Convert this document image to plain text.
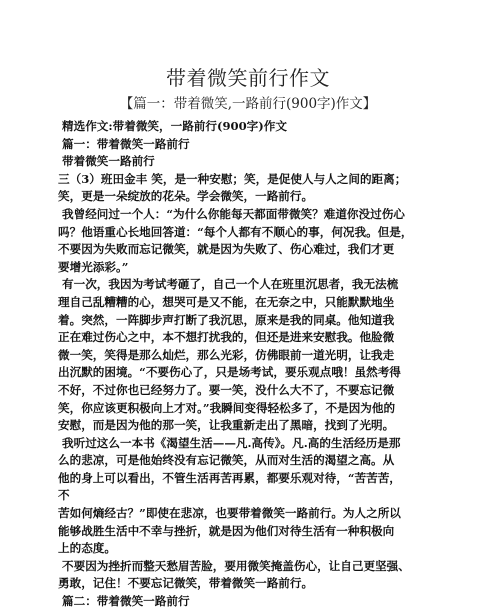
带着微笑前行作文
【篇一：带着微笑,一路前行(900字)作文】
精选作文:带着微笑，一路前行(900字)作文
篇一：带着微笑一路前行
带着微笑一路前行
三（3）班田金丰 笑，是一种安慰；笑，是促使人与人之间的距离；
笑，更是一朵绽放的花朵。学会微笑，一路前行。
我曾经问过一个人：“为什么你能每天都面带微笑？难道你没过伤心
吗？他语重心长地回答道：“每个人都有不顺心的事，何况我。但是，
不要因为失败而忘记微笑，就是因为失败了、伤心难过，我们才更
要增光添彩。”
有一次，我因为考试考砸了，自己一个人在班里沉思者，我无法梳
理自己乱糟糟的心，想哭可是又不能，在无奈之中，只能默默地坐
着。突然，一阵脚步声打断了我沉思，原来是我的同桌。他知道我
正在难过伤心之中，本不想打扰我的，但还是进来安慰我。他脸微
微一笑，笑得是那么灿烂，那么光彩，仿佛眼前一道光明，让我走
出沉默的困境。“不要伤心了，只是场考试，要乐观点哦！虽然考得
不好，不过你也已经努力了。要一笑，没什么大不了，不要忘记微
笑，你应该更积极向上才对。”我瞬间变得轻松多了，不是因为他的
安慰，而是因为他的那一笑，让我重新走出了黑暗，找到了光明。
我听过这么一本书《渴望生活——凡.高传》。凡.高的生活经历是那
么的悲凉，可是他始终没有忘记微笑，从而对生活的渴望之高。从
他的身上可以看出，不管生活再苦再累，都要乐观对待，“苦苦苦，
不
苦如何熵经古？”即使在悲凉，也要带着微笑一路前行。为人之所以
能够战胜生活中不幸与挫折，就是因为他们对待生活有一种积极向
上的态度。
不要因为挫折而整天愁眉苦脸，要用微笑掩盖伤心，让自己更坚强、
勇敢，记住！不要忘记微笑，带着微笑一路前行。
篇二：带着微笑一路前行
